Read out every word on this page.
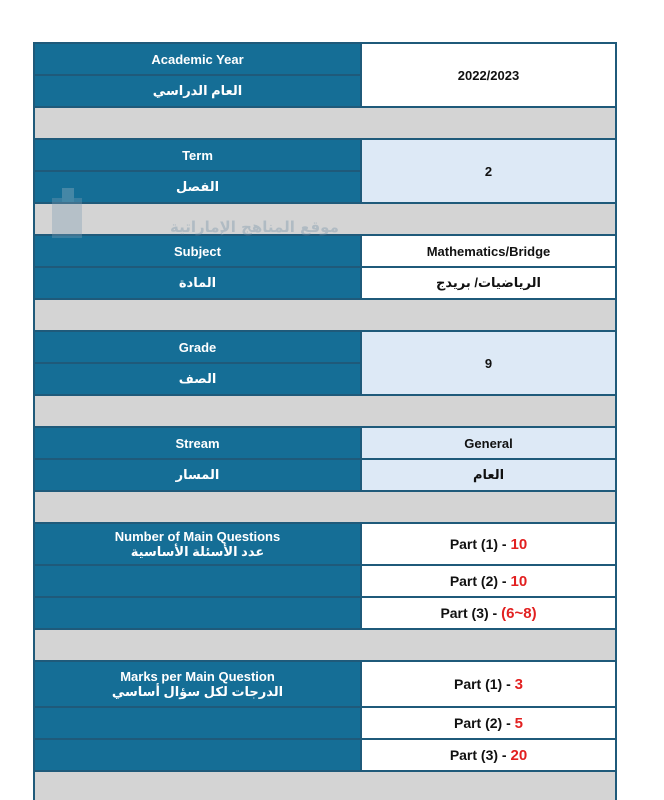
Academic Year
العام الدراسي
2022/2023
Term
الفصل
2
Subject
المادة
Mathematics/Bridge
الرياضيات/ بريدج
Grade
الصف
9
Stream
المسار
General
العام
Number of Main Questions
عدد الأسئلة الأساسية	Part (1) -
10
Part (2) -
10
Part (3) -
(6~8)
Marks per Main Question
الدرجات لكل سؤال أساسي	Part (1) -
3
Part (2) -
5
Part (3) -
20
موقع المناهج الإماراتية
